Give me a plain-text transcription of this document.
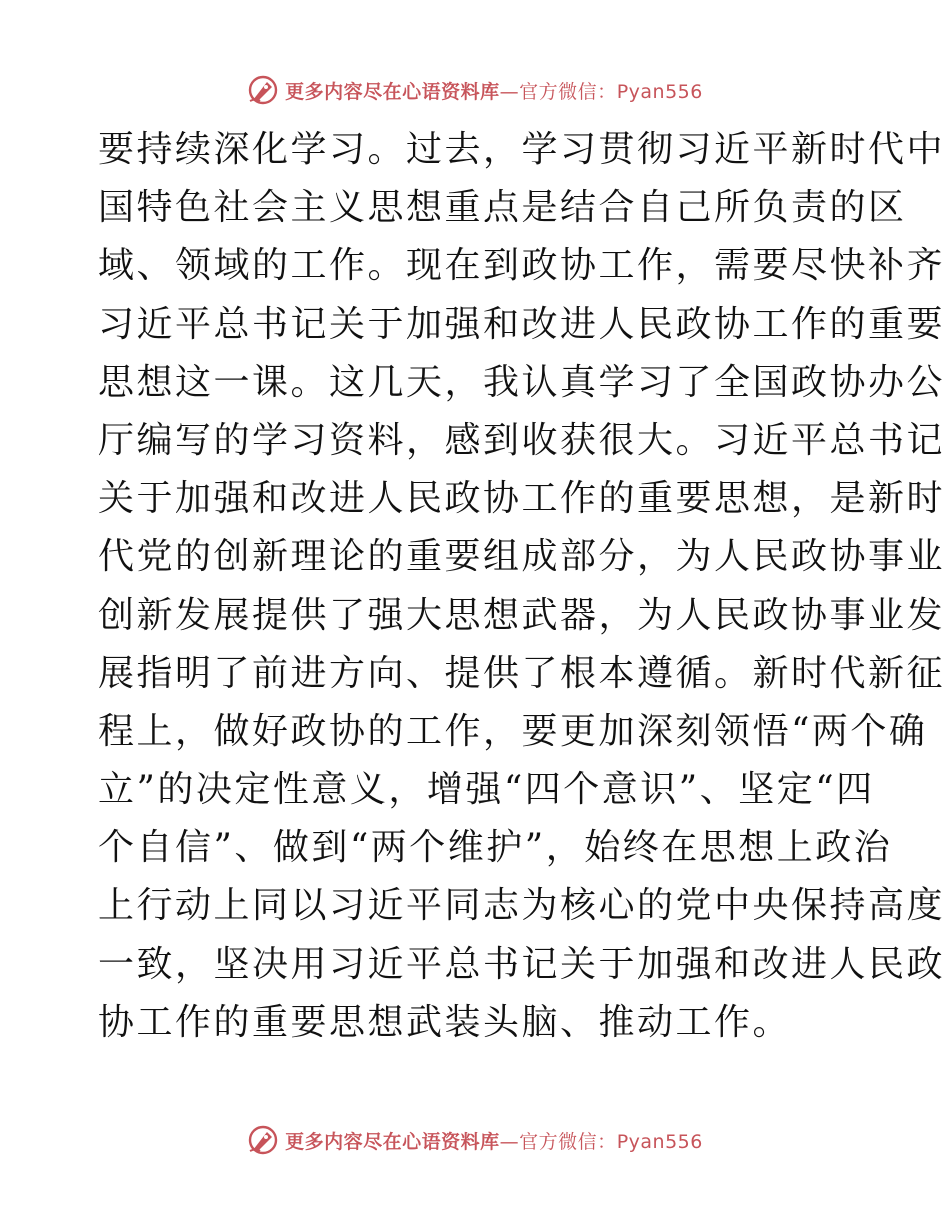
更多内容尽在心语资料库—官方微信：Pyan556
要持续深化学习。过去，学习贯彻习近平新时代中
国特色社会主义思想重点是结合自己所负责的区
域、领域的工作。现在到政协工作，需要尽快补齐
习近平总书记关于加强和改进人民政协工作的重要
思想这一课。这几天，我认真学习了全国政协办公
厅编写的学习资料，感到收获很大。习近平总书记
关于加强和改进人民政协工作的重要思想，是新时
代党的创新理论的重要组成部分，为人民政协事业
创新发展提供了强大思想武器，为人民政协事业发
展指明了前进方向、提供了根本遵循。新时代新征
程上，做好政协的工作，要更加深刻领悟“两个确
立”的决定性意义，增强“四个意识”、坚定“四
个自信”、做到“两个维护”，始终在思想上政治
上行动上同以习近平同志为核心的党中央保持高度
一致，坚决用习近平总书记关于加强和改进人民政
协工作的重要思想武装头脑、推动工作。
更多内容尽在心语资料库—官方微信：Pyan556
